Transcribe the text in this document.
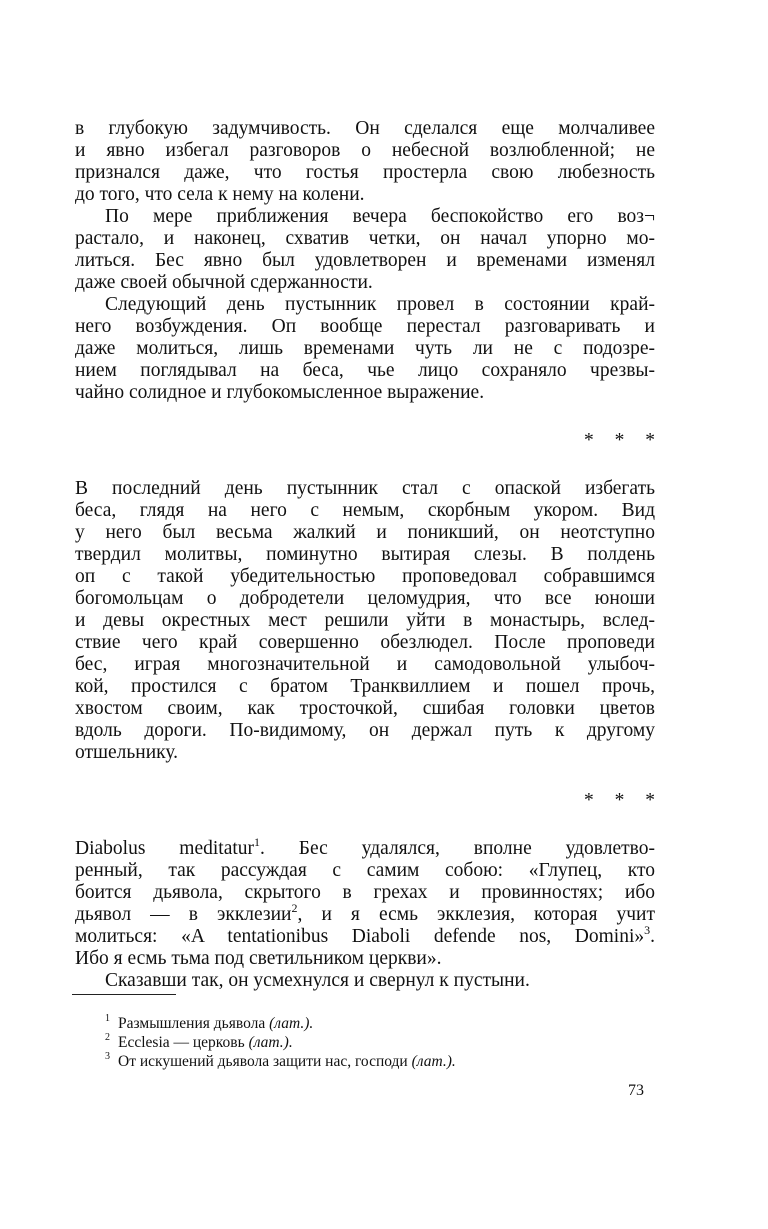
в глубокую задумчивость. Он сделался еще молчаливее
и явно избегал разговоров о небесной возлюбленной; не
признался даже, что гостья простерла свою любезность
до того, что села к нему на колени.
По мере приближения вечера беспокойство его воз¬
растало, и наконец, схватив четки, он начал упорно мо-
литься. Бес явно был удовлетворен и временами изменял
даже своей обычной сдержанности.
Следующий день пустынник провел в состоянии край-
него возбуждения. Оп вообще перестал разговаривать и
даже молиться, лишь временами чуть ли не с подозре-
нием поглядывал на беса, чье лицо сохраняло чрезвы-
чайно солидное и глубокомысленное выражение.
* * *
В последний день пустынник стал с опаской избегать
беса, глядя на него с немым, скорбным укором. Вид
у него был весьма жалкий и поникший, он неотступно
твердил молитвы, поминутно вытирая слезы. В полдень
оп с такой убедительностью проповедовал собравшимся
богомольцам о добродетели целомудрия, что все юноши
и девы окрестных мест решили уйти в монастырь, вслед-
ствие чего край совершенно обезлюдел. После проповеди
бес, играя многозначительной и самодовольной улыбоч-
кой, простился с братом Транквиллием и пошел прочь,
хвостом своим, как тросточкой, сшибая головки цветов
вдоль дороги. По-видимому, он держал путь к другому
отшельнику.
* * *
Diabolus meditatur$^1$. Бес удалялся, вполне удовлетво-
ренный, так рассуждая с самим собою: «Глупец, кто
боится дьявола, скрытого в грехах и провинностях; ибо
дьявол — в экклезии$^2$, и я есмь экклезия, которая учит
молиться: «A tentationibus Diaboli defende nos, Domini»$^3$.
Ибо я есмь тьма под светильником церкви».
Сказавши так, он усмехнулся и свернул к пустыни.
$^1$ Размышления дьявола (лат.).
$^2$ Ecclesia — церковь (лат.).
$^3$ От искушений дьявола защити нас, господи (лат.).
73
